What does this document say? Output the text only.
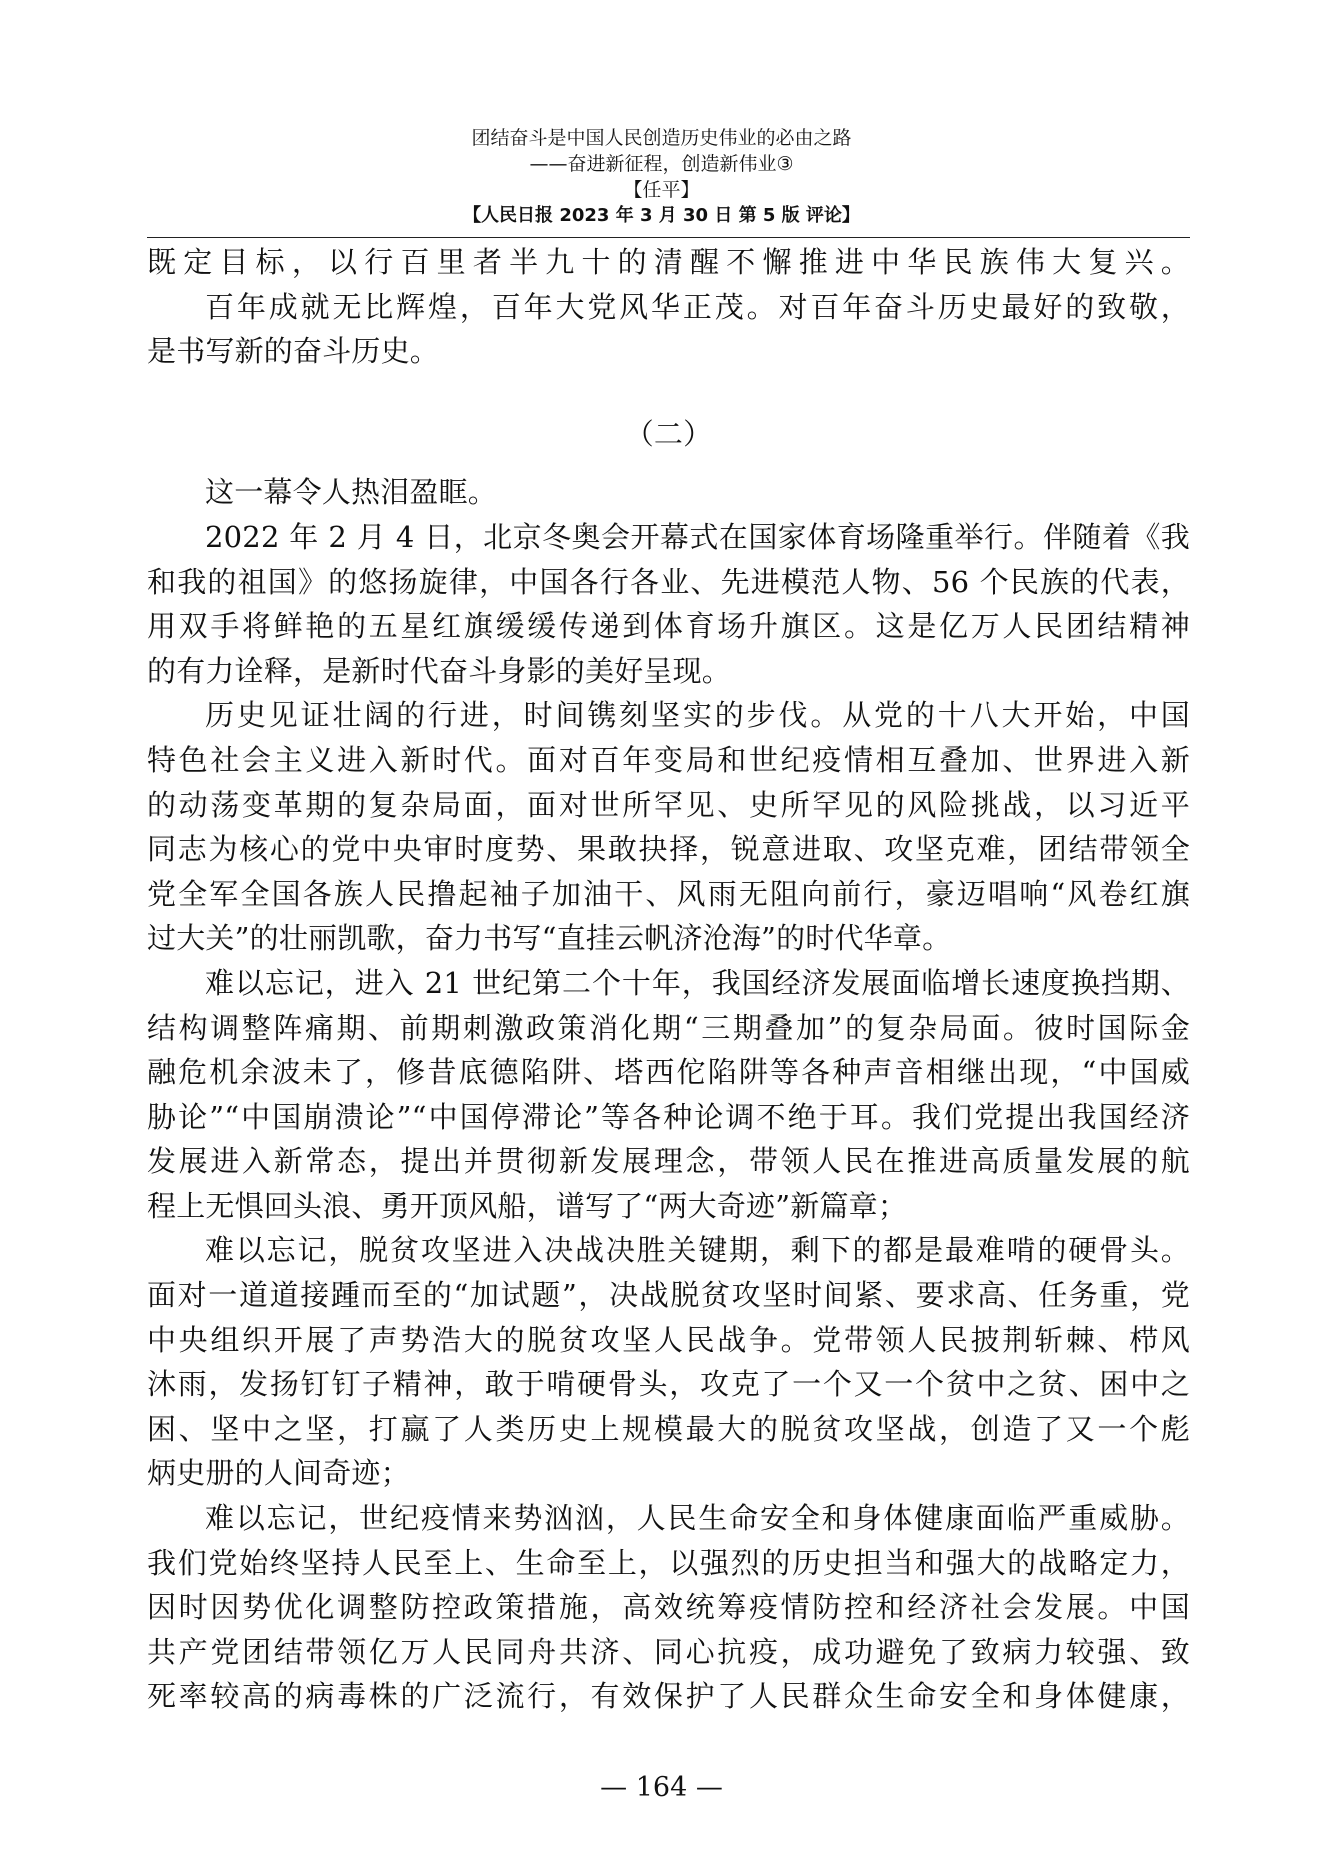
团结奋斗是中国人民创造历史伟业的必由之路
——奋进新征程，创造新伟业③
【任平】
【人民日报 2023 年 3 月 30 日 第 5 版 评论】
既定目标，以行百里者半九十的清醒不懈推进中华民族伟大复兴。
百年成就无比辉煌，百年大党风华正茂。对百年奋斗历史最好的致敬，
是书写新的奋斗历史。
（二）
这一幕令人热泪盈眶。
2022 年 2 月 4 日，北京冬奥会开幕式在国家体育场隆重举行。伴随着《我
和我的祖国》的悠扬旋律，中国各行各业、先进模范人物、56 个民族的代表，
用双手将鲜艳的五星红旗缓缓传递到体育场升旗区。这是亿万人民团结精神
的有力诠释，是新时代奋斗身影的美好呈现。
历史见证壮阔的行进，时间镌刻坚实的步伐。从党的十八大开始，中国
特色社会主义进入新时代。面对百年变局和世纪疫情相互叠加、世界进入新
的动荡变革期的复杂局面，面对世所罕见、史所罕见的风险挑战，以习近平
同志为核心的党中央审时度势、果敢抉择，锐意进取、攻坚克难，团结带领全
党全军全国各族人民撸起袖子加油干、风雨无阻向前行，豪迈唱响“风卷红旗
过大关”的壮丽凯歌，奋力书写“直挂云帆济沧海”的时代华章。
难以忘记，进入 21 世纪第二个十年，我国经济发展面临增长速度换挡期、
结构调整阵痛期、前期刺激政策消化期“三期叠加”的复杂局面。彼时国际金
融危机余波未了，修昔底德陷阱、塔西佗陷阱等各种声音相继出现，“中国威
胁论”“中国崩溃论”“中国停滞论”等各种论调不绝于耳。我们党提出我国经济
发展进入新常态，提出并贯彻新发展理念，带领人民在推进高质量发展的航
程上无惧回头浪、勇开顶风船，谱写了“两大奇迹”新篇章；
难以忘记，脱贫攻坚进入决战决胜关键期，剩下的都是最难啃的硬骨头。
面对一道道接踵而至的“加试题”，决战脱贫攻坚时间紧、要求高、任务重，党
中央组织开展了声势浩大的脱贫攻坚人民战争。党带领人民披荆斩棘、栉风
沐雨，发扬钉钉子精神，敢于啃硬骨头，攻克了一个又一个贫中之贫、困中之
困、坚中之坚，打赢了人类历史上规模最大的脱贫攻坚战，创造了又一个彪
炳史册的人间奇迹；
难以忘记，世纪疫情来势汹汹，人民生命安全和身体健康面临严重威胁。
我们党始终坚持人民至上、生命至上，以强烈的历史担当和强大的战略定力，
因时因势优化调整防控政策措施，高效统筹疫情防控和经济社会发展。中国
共产党团结带领亿万人民同舟共济、同心抗疫，成功避免了致病力较强、致
死率较高的病毒株的广泛流行，有效保护了人民群众生命安全和身体健康，
— 164 —
